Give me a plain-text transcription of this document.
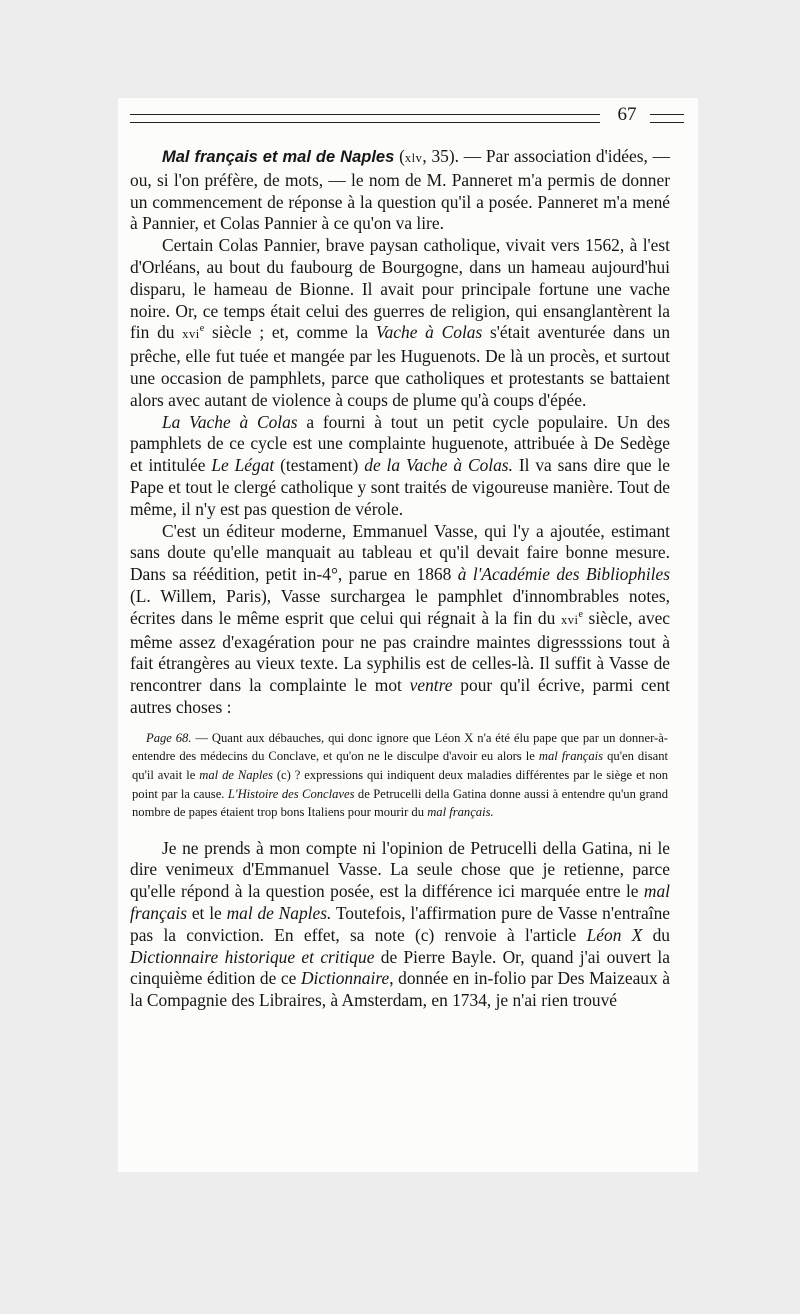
67

Mal français et mal de Naples (xlv, 35). — Par association d'idées, — ou, si l'on préfère, de mots, — le nom de M. Panneret m'a permis de donner un commencement de réponse à la question qu'il a posée. Panneret m'a mené à Pannier, et Colas Pannier à ce qu'on va lire.

Certain Colas Pannier, brave paysan catholique, vivait vers 1562, à l'est d'Orléans, au bout du faubourg de Bourgogne, dans un hameau aujourd'hui disparu, le hameau de Bionne. Il avait pour principale fortune une vache noire. Or, ce temps était celui des guerres de religion, qui ensanglantèrent la fin du xvi$^e$ siècle ; et, comme la Vache à Colas s'était aventurée dans un prêche, elle fut tuée et mangée par les Huguenots. De là un procès, et surtout une occasion de pamphlets, parce que catholiques et protestants se battaient alors avec autant de violence à coups de plume qu'à coups d'épée.

La Vache à Colas a fourni à tout un petit cycle populaire. Un des pamphlets de ce cycle est une complainte huguenote, attribuée à De Sedège et intitulée Le Légat (testament) de la Vache à Colas. Il va sans dire que le Pape et tout le clergé catholique y sont traités de vigoureuse manière. Tout de même, il n'y est pas question de vérole.

C'est un éditeur moderne, Emmanuel Vasse, qui l'y a ajoutée, estimant sans doute qu'elle manquait au tableau et qu'il devait faire bonne mesure. Dans sa réédition, petit in-4°, parue en 1868 à l'Académie des Bibliophiles (L. Willem, Paris), Vasse surchargea le pamphlet d'innombrables notes, écrites dans le même esprit que celui qui régnait à la fin du xvi$^e$ siècle, avec même assez d'exagération pour ne pas craindre maintes digresssions tout à fait étrangères au vieux texte. La syphilis est de celles-là. Il suffit à Vasse de rencontrer dans la complainte le mot ventre pour qu'il écrive, parmi cent autres choses :

Page 68. — Quant aux débauches, qui donc ignore que Léon X n'a été élu pape que par un donner-à-entendre des médecins du Conclave, et qu'on ne le disculpe d'avoir eu alors le mal français qu'en disant qu'il avait le mal de Naples (c) ? expressions qui indiquent deux maladies différentes par le siège et non point par la cause. L'Histoire des Conclaves de Petrucelli della Gatina donne aussi à entendre qu'un grand nombre de papes étaient trop bons Italiens pour mourir du mal français.

Je ne prends à mon compte ni l'opinion de Petrucelli della Gatina, ni le dire venimeux d'Emmanuel Vasse. La seule chose que je retienne, parce qu'elle répond à la question posée, est la différence ici marquée entre le mal français et le mal de Naples. Toutefois, l'affirmation pure de Vasse n'entraîne pas la conviction. En effet, sa note (c) renvoie à l'article Léon X du Dictionnaire historique et critique de Pierre Bayle. Or, quand j'ai ouvert la cinquième édition de ce Dictionnaire, donnée en in-folio par Des Maizeaux à la Compagnie des Libraires, à Amsterdam, en 1734, je n'ai rien trouvé
